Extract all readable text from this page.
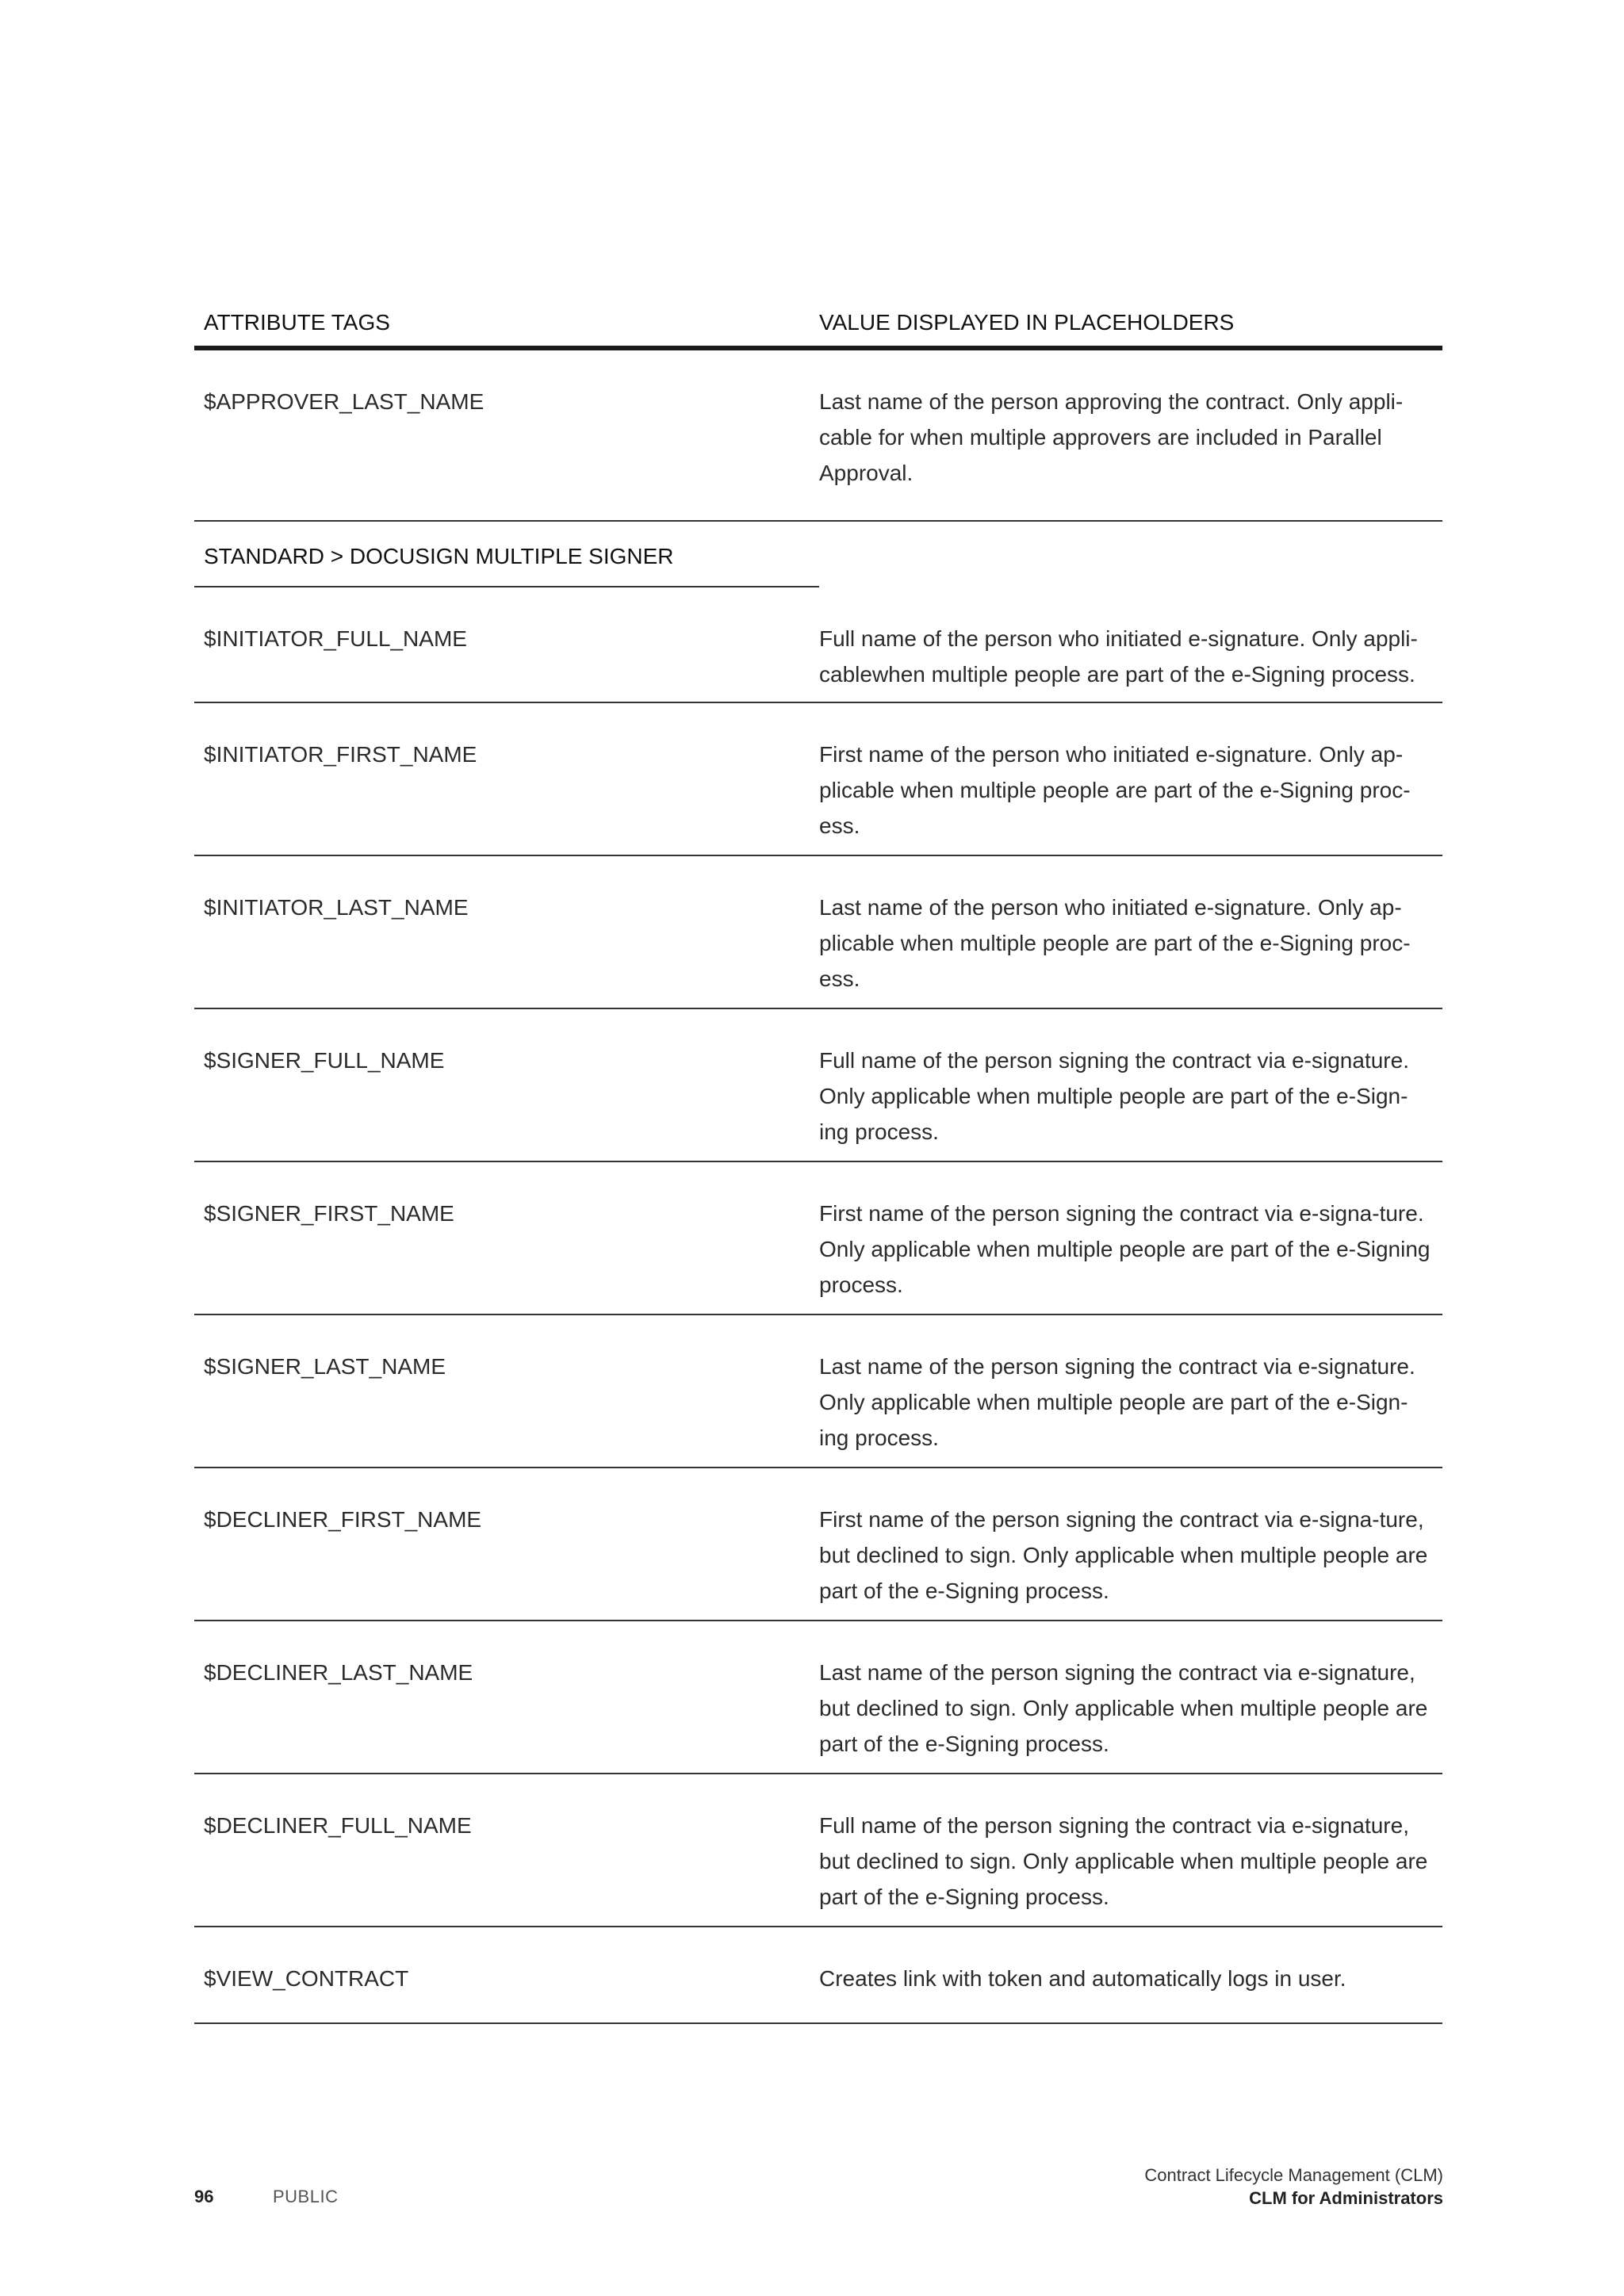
ATTRIBUTE TAGS	VALUE DISPLAYED IN PLACEHOLDERS
$APPROVER_LAST_NAME	Last name of the person approving the contract. Only appli-cable for when multiple approvers are included in Parallel Approval.
STANDARD > DOCUSIGN MULTIPLE SIGNER
$INITIATOR_FULL_NAME	Full name of the person who initiated e-signature. Only appli-cablewhen multiple people are part of the e-Signing process.
$INITIATOR_FIRST_NAME	First name of the person who initiated e-signature. Only ap-plicable when multiple people are part of the e-Signing proc-ess.
$INITIATOR_LAST_NAME	Last name of the person who initiated e-signature. Only ap-plicable when multiple people are part of the e-Signing proc-ess.
$SIGNER_FULL_NAME	Full name of the person signing the contract via e-signature. Only applicable when multiple people are part of the e-Sign-ing process.
$SIGNER_FIRST_NAME	First name of the person signing the contract via e-signa-ture. Only applicable when multiple people are part of the e-Signing process.
$SIGNER_LAST_NAME	Last name of the person signing the contract via e-signature. Only applicable when multiple people are part of the e-Sign-ing process.
$DECLINER_FIRST_NAME	First name of the person signing the contract via e-signa-ture, but declined to sign. Only applicable when multiple people are part of the e-Signing process.
$DECLINER_LAST_NAME	Last name of the person signing the contract via e-signature, but declined to sign. Only applicable when multiple people are part of the e-Signing process.
$DECLINER_FULL_NAME	Full name of the person signing the contract via e-signature, but declined to sign. Only applicable when multiple people are part of the e-Signing process.
$VIEW_CONTRACT	Creates link with token and automatically logs in user.
96	PUBLIC
Contract Lifecycle Management (CLM)
CLM for Administrators
